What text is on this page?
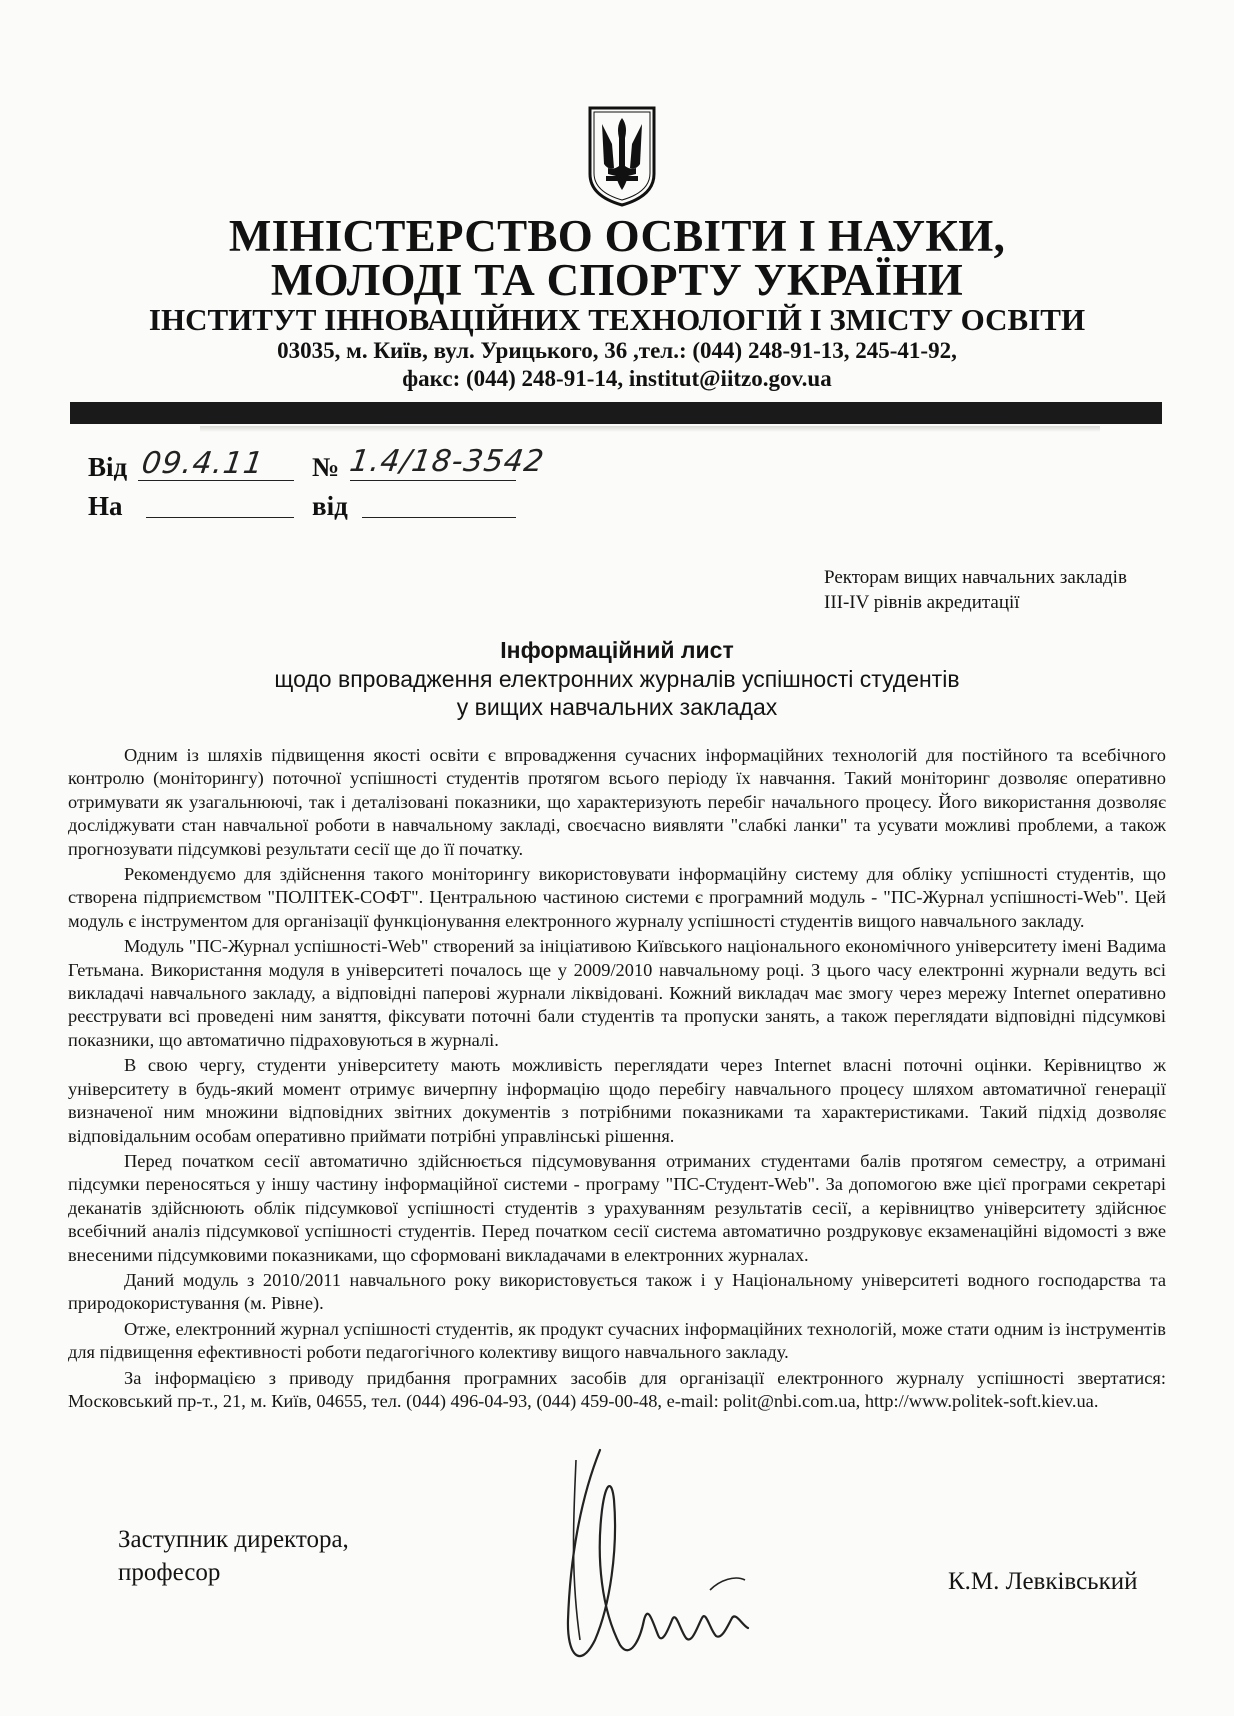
МІНІСТЕРСТВО ОСВІТИ І НАУКИ,
МОЛОДІ ТА СПОРТУ УКРАЇНИ
ІНСТИТУТ ІННОВАЦІЙНИХ ТЕХНОЛОГІЙ І ЗМІСТУ ОСВІТИ
03035, м. Київ, вул. Урицького, 36 ,тел.: (044) 248-91-13, 245-41-92,
факс: (044) 248-91-14, institut@iitzo.gov.ua
Від 09.4.11 № 1.4/18-3542
На	від
Ректорам вищих навчальних закладів
III-IV рівнів акредитації
Інформаційний лист
щодо впровадження електронних журналів успішності студентів
у вищих навчальних закладах

Одним із шляхів підвищення якості освіти є впровадження сучасних інформаційних технологій для постійного та всебічного контролю (моніторингу) поточної успішності студентів протягом всього періоду їх навчання. Такий моніторинг дозволяє оперативно отримувати як узагальнюючі, так і деталізовані показники, що характеризують перебіг начального процесу. Його використання дозволяє досліджувати стан навчальної роботи в навчальному закладі, своєчасно виявляти "слабкі ланки" та усувати можливі проблеми, а також прогнозувати підсумкові результати сесії ще до її початку.

Рекомендуємо для здійснення такого моніторингу використовувати інформаційну систему для обліку успішності студентів, що створена підприємством "ПОЛІТЕК-СОФТ". Центральною частиною системи є програмний модуль - "ПС-Журнал успішності-Web". Цей модуль є інструментом для організації функціонування електронного журналу успішності студентів вищого навчального закладу.

Модуль "ПС-Журнал успішності-Web" створений за ініціативою Київського національного економічного університету імені Вадима Гетьмана. Використання модуля в університеті почалось ще у 2009/2010 навчальному році. З цього часу електронні журнали ведуть всі викладачі навчального закладу, а відповідні паперові журнали ліквідовані. Кожний викладач має змогу через мережу Internet оперативно реєструвати всі проведені ним заняття, фіксувати поточні бали студентів та пропуски занять, а також переглядати відповідні підсумкові показники, що автоматично підраховуються в журналі.

В свою чергу, студенти університету мають можливість переглядати через Internet власні поточні оцінки. Керівництво ж університету в будь-який момент отримує вичерпну інформацію щодо перебігу навчального процесу шляхом автоматичної генерації визначеної ним множини відповідних звітних документів з потрібними показниками та характеристиками. Такий підхід дозволяє відповідальним особам оперативно приймати потрібні управлінські рішення.

Перед початком сесії автоматично здійснюється підсумовування отриманих студентами балів протягом семестру, а отримані підсумки переносяться у іншу частину інформаційної системи - програму "ПС-Студент-Web". За допомогою вже цієї програми секретарі деканатів здійснюють облік підсумкової успішності студентів з урахуванням результатів сесії, а керівництво університету здійснює всебічний аналіз підсумкової успішності студентів. Перед початком сесії система автоматично роздруковує екзаменаційні відомості з вже внесеними підсумковими показниками, що сформовані викладачами в електронних журналах.

Даний модуль з 2010/2011 навчального року використовується також і у Національному університеті водного господарства та природокористування (м. Рівне).

Отже, електронний журнал успішності студентів, як продукт сучасних інформаційних технологій, може стати одним із інструментів для підвищення ефективності роботи педагогічного колективу вищого навчального закладу.

За інформацією з приводу придбання програмних засобів для організації електронного журналу успішності звертатися: Московський пр-т., 21, м. Київ, 04655, тел. (044) 496-04-93, (044) 459-00-48, e-mail: polit@nbi.com.ua, http://www.politek-soft.kiev.ua.

Заступник директора,
професор	К.М. Левківський
